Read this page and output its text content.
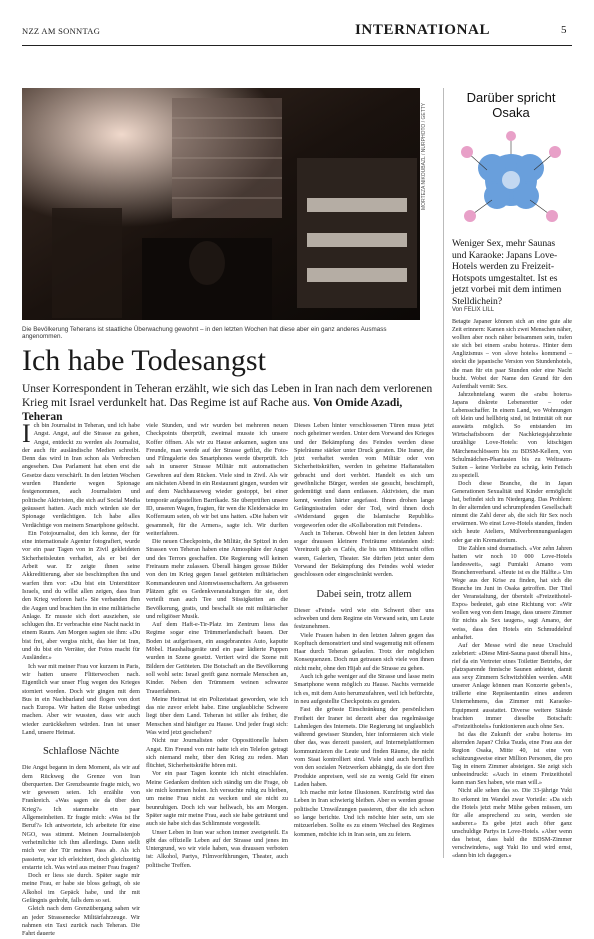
NZZ AM SONNTAG	INTERNATIONAL	5
MORTEZA NIKOUBAZL / NURPHOTO / GETTY
Die Bevölkerung Teherans ist staatliche Überwachung gewohnt – in den letzten Wochen hat diese aber ein ganz anderes Ausmass angenommen.
Ich habe Todesangst
Unser Korrespondent in Teheran erzählt, wie sich das Leben in Iran nach dem verlorenen Krieg mit Israel verdunkelt hat. Das Regime ist auf Rache aus. Von Omide Azadi, Teheran

Ich bin Journalist in Teheran, und ich habe Angst. Angst, auf die Strasse zu gehen, Angst, entdeckt zu werden als Journalist, der auch für ausländische Medien schreibt. Denn das wird in Iran schon als Verbrechen angesehen. Das Parlament hat eben erst die Gesetze dazu verschärft. In den letzten Wochen wurden Hunderte wegen Spionage festgenommen, auch Journalisten und politische Aktivisten, die sich auf Social Media geäussert hatten. Auch mich würden sie der Spionage verdächtigen. Ich habe alles Verdächtige von meinem Smartphone gelöscht.

Ein Fotojournalist, den ich kenne, der für eine internationale Agentur fotografiert, wurde vor ein paar Tagen von in Zivil gekleideten Sicherheitsleuten verhaftet, als er bei der Arbeit war. Er zeigte ihnen seine Akkreditierung, aber sie beschimpften ihn und warfen ihm vor: «Du bist ein Unterstützer Israels, und du willst allen zeigen, dass Iran den Krieg verloren hat!» Sie verbanden ihm die Augen und brachten ihn in eine militärische Anlage. Er musste sich dort ausziehen, sie schlugen ihn. Er verbrachte eine Nacht nackt in einem Raum. Am Morgen sagten sie ihm: «Du bist frei, aber vergiss nicht, das hier ist Iran, und du bist ein Verräter, der Fotos macht für Ausländer.»

Ich war mit meiner Frau vor kurzem in Paris, wir hatten unsere Flitterwochen nach. Eigentlich war unser Flug wegen des Krieges storniert worden. Doch wir gingen mit dem Bus in ein Nachbarland und flogen von dort nach Europa. Wir hatten die Reise unbedingt machen. Aber wir wussten, dass wir auch wieder zurückkehren würden. Iran ist unser Land, unsere Heimat.

Schlaflose Nächte

Die Angst begann in dem Moment, als wir auf dem Rückweg die Grenze von Iran überquerten. Der Grenzbeamte fragte mich, wo wir gewesen seien. Ich erzählte von Frankreich. «Was sagen sie da über den Krieg?» Ich stammelte ein paar Allgemeinheiten. Er fragte mich: «Was ist Ihr Beruf?» Ich antwortete, ich arbeitete für eine NGO, was stimmt. Meinen Journalistenjob verheimlichte ich ihm allerdings. Dann stellt mich vor der Tür meines Pass ab. Als ich passierte, war ich erleichtert, doch gleichzeitig erstarrte ich. Was wird aus meiner Frau fragen?

Doch er liess sie durch. Später sagte mir meine Frau, er habe sie bloss gefragt, ob sie Alkohol im Gepäck habe, und ihr mit Gefängnis gedroht, falls dem so sei.

Gleich nach dem Grenzübergang sahen wir an jeder Strassenecke Militärfahrzeuge. Wir nahmen ein Taxi zurück nach Teheran. Die Fahrt dauerte

viele Stunden, und wir wurden bei mehreren neuen Checkpoints überprüft, zweimal musste ich unsere Koffer öffnen. Als wir zu Hause ankamen, sagten uns Freunde, man werde auf der Strasse gefilzt, die Foto- und Filmgalerie des Smartphones werde überprüft. Ich sah in unserer Strasse Militär mit automatischen Gewehren auf dem Rücken. Viele sind in Zivil. Als wir am nächsten Abend in ein Restaurant gingen, wurden wir auf dem Nachhauseweg wieder gestoppt, bei einer temporär aufgestellten Barrikade. Sie überprüften unsere ID, unseren Wagen, fragten, für wen die Kleidersäcke im Kofferraum seien, ob wir bei uns hatten. «Die haben wir gesammelt, für die Armen», sagte ich. Wir durften weiterfahren.

Die neuen Checkpoints, die Militär, die Spitzel in den Strassen von Teheran haben eine Atmosphäre der Angst und des Terrors geschaffen. Die Regierung will keinen Freiraum mehr zulassen. Überall hängen grosse Bilder von den im Krieg gegen Israel getöteten militärischen Kommandeuren und Atomwissenschaftern. An grösseren Plätzen gibt es Gedenkveranstaltungen für sie, dort verteilt man auch Tee und Süssigkeiten an die Bevölkerung, gratis, und beschallt sie mit militärischer und religiöser Musik.

Auf dem Haft-e-Tir-Platz im Zentrum liess das Regime sogar eine Trümmerlandschaft bauen. Der Boden ist aufgerissen, ein ausgebranntes Auto, kaputte Möbel. Haushaltsgeräte und ein paar lädierte Puppen wurden in Szene gesetzt. Vertiert wird die Szene mit Bildern der Getöteten. Die Botschaft an die Bevölkerung soll wohl sein: Israel greift ganz normale Menschen an, Kinder. Neben den Trümmern weinen schwarze Trauerfahnen.

Meine Heimat ist ein Polizeistaat geworden, wie ich das nie zuvor erlebt habe. Eine unglaubliche Schwere liegt über dem Land. Teheran ist stiller als früher, die Menschen sind häufiger zu Hause. Und jeder fragt sich: Was wird jetzt geschehen?

Nicht nur Journalisten oder Oppositionelle haben Angst. Ein Freund von mir hatte ich ein Telefon getragt sich niemand mehr, über den Krieg zu reden. Man flüchtet, Sicherheitskräfte hören mit.

Vor ein paar Tagen konnte ich nicht einschlafen. Meine Gedanken drehten sich ständig um die Frage, ob sie mich kommen holen. Ich versuchte ruhig zu bleiben, um meine Frau nicht zu wecken und sie nicht zu beunruhigen. Doch ich war hellwach, bis am Morgen. Später sagte mir meine Frau, auch sie habe geträumt und auch sie habe sich das Schlimmste vorgestellt.

Unser Leben in Iran war schon immer zweigeteilt. Es gibt das offizielle Leben auf der Strasse und jenes im Untergrund, wo wir viele haben, was draussen verboten ist: Alkohol, Partys, Filmvorführungen, Theater, auch politische Treffen.

Dieses Leben hinter verschlossenen Türen muss jetzt noch geheimer werden. Unter dem Vorwand des Krieges und der Bekämpfung des Feindes werden diese Spielräume stärker unter Druck geraten. Die Iraner, die jetzt verhaftet werden vom Militär oder von Sicherheitskräften, werden in geheime Haftanstalten gebracht und dort verhört. Handelt es sich um gewöhnliche Bürger, werden sie gesucht, beschimpft, gedemütigt und dann entlassen. Aktivisten, die man kennt, werden härter angefasst. Ihnen drohen lange Gefängnisstrafen oder der Tod, wird ihnen doch «Widerstand gegen die Islamische Republik» vorgeworfen oder die «Kollaboration mit Feinden».

Auch in Teheran. Obwohl hier in den letzten Jahren sogar draussen kleinere Freiräume entstanden sind: Vereinzelt gab es Cafés, die bis um Mitternacht offen waren, Galerien, Theater. Sie dürften jetzt unter dem Vorwand der Bekämpfung des Feindes wohl wieder geschlossen oder eingeschränkt werden.

Dabei sein, trotz allem

Dieser «Feind» wird wie ein Schwert über uns schweben und dem Regime ein Vorwand sein, um Leute festzunehmen.

Viele Frauen haben in den letzten Jahren gegen das Kopftuch demonstriert und sind wagemutig mit offenem Haar durch Teheran gelaufen. Trotz der möglichen Konsequenzen. Doch nun getrauen sich viele von ihnen nicht mehr, ohne den Hijab auf die Strasse zu gehen.

Auch ich gehe weniger auf die Strasse und lasse mein Smartphone wenn möglich zu Hause. Nachts vermeide ich es, mit dem Auto herumzufahren, weil ich befürchte, in neu aufgestellte Checkpoints zu geraten.

Fast die grösste Einschränkung der persönlichen Freiheit der Iraner ist derzeit aber das regelmässige Lahmlegen des Internets. Die Regierung ist unglaublich während gewisser Stunden, hier informieren sich viele über das, was derzeit passiert, auf Internetplattformen kommunizieren die Leute und finden Räume, die nicht vom Staat kontrolliert sind. Viele sind auch beruflich von den sozialen Netzwerken abhängig, da sie dort ihre Produkte anpreisen, weil sie zu wenig Geld für einen Laden haben.

Ich mache mir keine Illusionen. Kurzfristig wird das Leben in Iran schwierig bleiben. Aber es werden grosse politische Umwälzungen passieren, über die ich schon so lange berichte. Und ich möchte hier sein, um sie mitzuerleben. Sollte es zu einem Wechsel des Regimes kommen, möchte ich in Iran sein, um zu feiern.

Darüber spricht Osaka
Weniger Sex, mehr Saunas und Karaoke: Japans Love-Hotels werden zu Freizeit-Hotspots umgestaltet. Ist es jetzt vorbei mit dem intimen Stelldichein?
Von FELIX LILL

Betagte Japaner können sich an eine gute alte Zeit erinnern: Kamen sich zwei Menschen näher, wollten aber noch näher beisammen sein, trafen sie sich bei einem «rabu hoteru». Hinter dem Anglizismus – von «love hotels» kommend – steckt die japanische Version von Stundenhotels, die man für ein paar Stunden oder eine Nacht bucht. Wobei der Name den Grund für den Aufenthalt verrät: Sex.

Jahrzehntelang waren die «rabu hoteru» Japans diskrete Lebensretter – oder Lebensschaffer. In einem Land, wo Wohnungen oft klein und hellhörig sind, ist Intimität oft nur auswärts möglich. So entstanden im Wirtschaftsboom der Nachkriegsjahrzehnte unzählige Love-Hotels: von kitschigen Märchenschlössern bis zu BDSM-Kellern, von Schulmädchen-Phantasien bis zu Weltraum-Suiten – keine Vorliebe zu schräg, kein Fetisch zu speziell.

Doch diese Branche, die in Japan Generationen Sexualität und Kinder ermöglicht hat, befindet sich im Niedergang. Das Problem: In der alternden und schrumpfenden Gesellschaft nimmt die Zahl derer ab, die sich für Sex noch erwärmen. Wo einst Love-Hotels standen, finden sich heute Ateliers, Mülverbrennungsanlagen oder gar ein Krematorium.

Die Zahlen sind dramatisch. «Vor zehn Jahren hatten wir noch 10 000 Love-Hotels landesweit», sagt Fumiaki Amano vom Branchenverband. «Heute ist es die Hälfte.» Um Wege aus der Krise zu finden, hat sich die Branche im Juni in Osaka getroffen. Der Titel der Veranstaltung, der überstelt «Freizeithotel-Expo» bedeutet, gab eine Richtung vor: «Wir wollen weg von dem Image, dass unsere Zimmer für nichts als Sex taugen», sagt Amano, der weiss, dass den Hotels ein Schmuddelruf anhaftet.

Auf der Messe wird die neue Unschuld zelebriert: «Diese Mini-Sauna passt überall hin», rief da ein Vertreter eines Toiletter Betriebs, der platzsparende finnische Saunen anbietet, damit aus sexy Zimmern Schwitzhöhlen werden. «Mit unserer Anlage können man Konzerte geben!», trällerte eine Repräsentantin eines anderen Unternehmens, das Zimmer mit Karaoke-Equipment ausstattet. Diverse weitere Stände brachten immer dieselbe Botschaft: «Freizeithotels» funktionieren auch ohne Sex.

Ist das die Zukunft der «rabu hoteru» im alternden Japan? Chika Tsuda, eine Frau aus der Region Osaka, Mitte 40, ist eine von schätzungsweise einer Million Personen, die pro Tag in einem Zimmer absteigen. Sie zeigt sich unbeeindruckt: «Auch in einem Freizeithotel kann man Sex haben, wie man will.»

Nicht alle sehen das so. Die 33-jährige Yuki Ito erkennt im Wandel zwar Vorteile: «Da sich die Hotels jetzt mehr Mühe geben müssen, um für alle ansprechend zu sein, werden sie sauberer.» Es gebe jetzt auch öfter ganz unschuldige Partys in Love-Hotels. «Aber wenn das heisst, dass bald die BDSM-Zimmer verschwinden», sagt Yuki Ito und wird ernst, «dann bin ich dagegen.»
